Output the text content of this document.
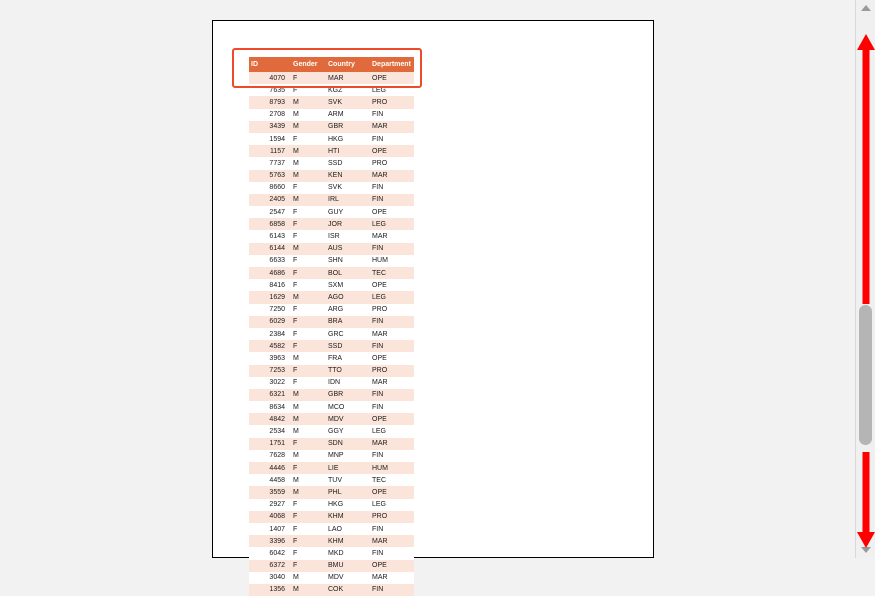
ID	Gender	Country	Department
4070	F	MAR	OPE
7635	F	KGZ	LEG
8793	M	SVK	PRO
2708	M	ARM	FIN
3439	M	GBR	MAR
1594	F	HKG	FIN
1157	M	HTI	OPE
7737	M	SSD	PRO
5763	M	KEN	MAR
8660	F	SVK	FIN
2405	M	IRL	FIN
2547	F	GUY	OPE
6858	F	JOR	LEG
6143	F	ISR	MAR
6144	M	AUS	FIN
6633	F	SHN	HUM
4686	F	BOL	TEC
8416	F	SXM	OPE
1629	M	AGO	LEG
7250	F	ARG	PRO
6029	F	BRA	FIN
2384	F	GRC	MAR
4582	F	SSD	FIN
3963	M	FRA	OPE
7253	F	TTO	PRO
3022	F	IDN	MAR
6321	M	GBR	FIN
8634	M	MCO	FIN
4842	M	MDV	OPE
2534	M	GGY	LEG
1751	F	SDN	MAR
7628	M	MNP	FIN
4446	F	LIE	HUM
4458	M	TUV	TEC
3559	M	PHL	OPE
2927	F	HKG	LEG
4068	F	KHM	PRO
1407	F	LAO	FIN
3396	F	KHM	MAR
6042	F	MKD	FIN
6372	F	BMU	OPE
3040	M	MDV	MAR
1356	M	COK	FIN
